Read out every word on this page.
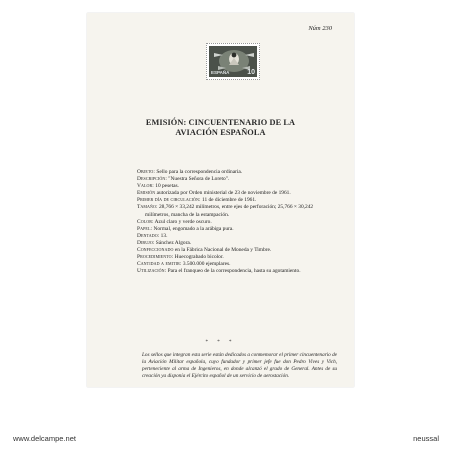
Núm 230
ESPAÑA	10
EMISIÓN: CINCUENTENARIO DE LA
AVIACIÓN ESPAÑOLA
Objeto: Sello para la correspondencia ordinaria.
Descripción: "Nuestra Señora de Loreto".
Valor: 10 pesetas.
Emisión autorizada por Orden ministerial de 23 de noviembre de 1961.
Primer día de circulación: 11 de diciembre de 1961.
Tamaño: 28,766 × 33,242 milímetros, entre ejes de perforación; 25,766 × 30,242 milímetros, mancha de la estampación.
Color: Azul claro y verde oscuro.
Papel: Normal, engomado a la arábiga pura.
Dentado: 13.
Dibujo: Sánchez Algora.
Confeccionado en la Fábrica Nacional de Moneda y Timbre.
Procedimiento: Huecograbado bicolor.
Cantidad a emitir: 3.500.000 ejemplares.
Utilización: Para el franqueo de la correspondencia, hasta su agotamiento.
* * *
Los sellos que integran esta serie están dedicados a conmemorar el primer cincuentenario de la Aviación Militar española, cuyo fundador y primer jefe fue don Pedro Vives y Vich, perteneciente al arma de Ingenieros, en donde alcanzó el grado de General. Antes de su creación ya disponía el Ejército español de un servicio de aerostación.
www.delcampe.net	neussal
